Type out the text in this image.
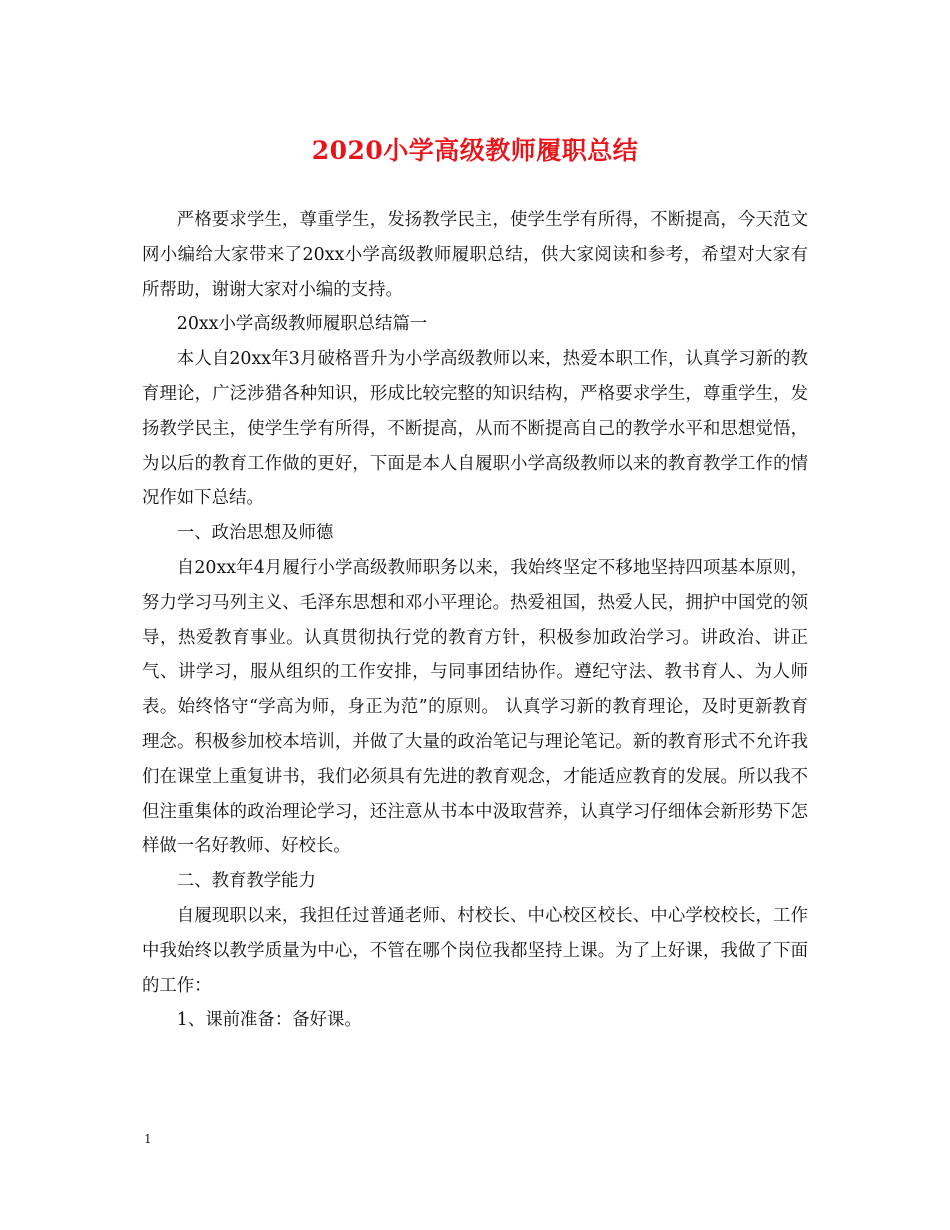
2020小学高级教师履职总结

严格要求学生，尊重学生，发扬教学民主，使学生学有所得，不断提高，今天范文网小编给大家带来了20xx小学高级教师履职总结，供大家阅读和参考，希望对大家有所帮助，谢谢大家对小编的支持。

20xx小学高级教师履职总结篇一

本人自20xx年3月破格晋升为小学高级教师以来，热爱本职工作，认真学习新的教育理论，广泛涉猎各种知识，形成比较完整的知识结构，严格要求学生，尊重学生，发扬教学民主，使学生学有所得，不断提高，从而不断提高自己的教学水平和思想觉悟，为以后的教育工作做的更好，下面是本人自履职小学高级教师以来的教育教学工作的情况作如下总结。

一、政治思想及师德

自20xx年4月履行小学高级教师职务以来，我始终坚定不移地坚持四项基本原则，努力学习马列主义、毛泽东思想和邓小平理论。热爱祖国，热爱人民，拥护中国党的领导，热爱教育事业。认真贯彻执行党的教育方针，积极参加政治学习。讲政治、讲正气、讲学习，服从组织的工作安排，与同事团结协作。遵纪守法、教书育人、为人师表。始终恪守“学高为师，身正为范”的原则。 认真学习新的教育理论，及时更新教育理念。积极参加校本培训，并做了大量的政治笔记与理论笔记。新的教育形式不允许我们在课堂上重复讲书，我们必须具有先进的教育观念，才能适应教育的发展。所以我不但注重集体的政治理论学习，还注意从书本中汲取营养，认真学习仔细体会新形势下怎样做一名好教师、好校长。

二、教育教学能力

自履现职以来，我担任过普通老师、村校长、中心校区校长、中心学校校长，工作中我始终以教学质量为中心，不管在哪个岗位我都坚持上课。为了上好课，我做了下面的工作：

1、课前准备：备好课。

1
